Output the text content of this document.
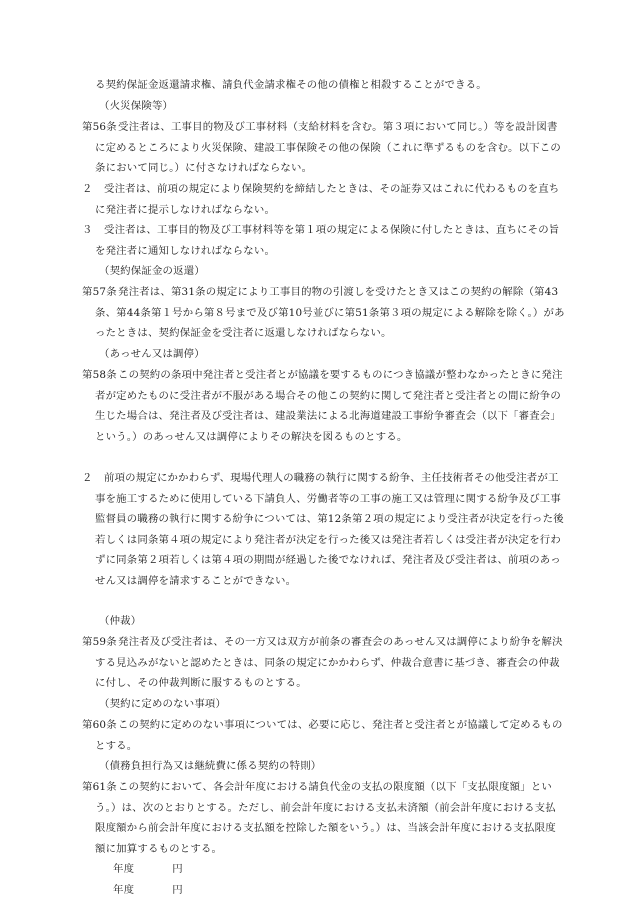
る契約保証金返還請求権、請負代金請求権その他の債権と相殺することができる。

（火災保険等）

第56条受注者は、工事目的物及び工事材料（支給材料を含む。第３項において同じ。）等を設計図書に定めるところにより火災保険、建設工事保険その他の保険（これに準ずるものを含む。以下この条において同じ。）に付さなければならない。

２ 受注者は、前項の規定により保険契約を締結したときは、その証券又はこれに代わるものを直ちに発注者に提示しなければならない。

３ 受注者は、工事目的物及び工事材料等を第１項の規定による保険に付したときは、直ちにその旨を発注者に通知しなければならない。

（契約保証金の返還）

第57条発注者は、第31条の規定により工事目的物の引渡しを受けたとき又はこの契約の解除（第43条、第44条第１号から第８号まで及び第10号並びに第51条第３項の規定による解除を除く。）があったときは、契約保証金を受注者に返還しなければならない。

（あっせん又は調停）

第58条この契約の条項中発注者と受注者とが協議を要するものにつき協議が整わなかったときに発注者が定めたものに受注者が不服がある場合その他この契約に関して発注者と受注者との間に紛争の生じた場合は、発注者及び受注者は、建設業法による北海道建設工事紛争審査会（以下「審査会」という。）のあっせん又は調停によりその解決を図るものとする。

２ 前項の規定にかかわらず、現場代理人の職務の執行に関する紛争、主任技術者その他受注者が工事を施工するために使用している下請負人、労働者等の工事の施工又は管理に関する紛争及び工事監督員の職務の執行に関する紛争については、第12条第２項の規定により受注者が決定を行った後若しくは同条第４項の規定により発注者が決定を行った後又は発注者若しくは受注者が決定を行わずに同条第２項若しくは第４項の期間が経過した後でなければ、発注者及び受注者は、前項のあっせん又は調停を請求することができない。

（仲裁）

第59条発注者及び受注者は、その一方又は双方が前条の審査会のあっせん又は調停により紛争を解決する見込みがないと認めたときは、同条の規定にかかわらず、仲裁合意書に基づき、審査会の仲裁に付し、その仲裁判断に服するものとする。

（契約に定めのない事項）

第60条この契約に定めのない事項については、必要に応じ、発注者と受注者とが協議して定めるものとする。

（債務負担行為又は継続費に係る契約の特則）

第61条この契約において、各会計年度における請負代金の支払の限度額（以下「支払限度額」という。）は、次のとおりとする。ただし、前会計年度における支払未済額（前会計年度における支払限度額から前会計年度における支払額を控除した額をいう。）は、当該会計年度における支払限度額に加算するものとする。

年度	円
年度	円
